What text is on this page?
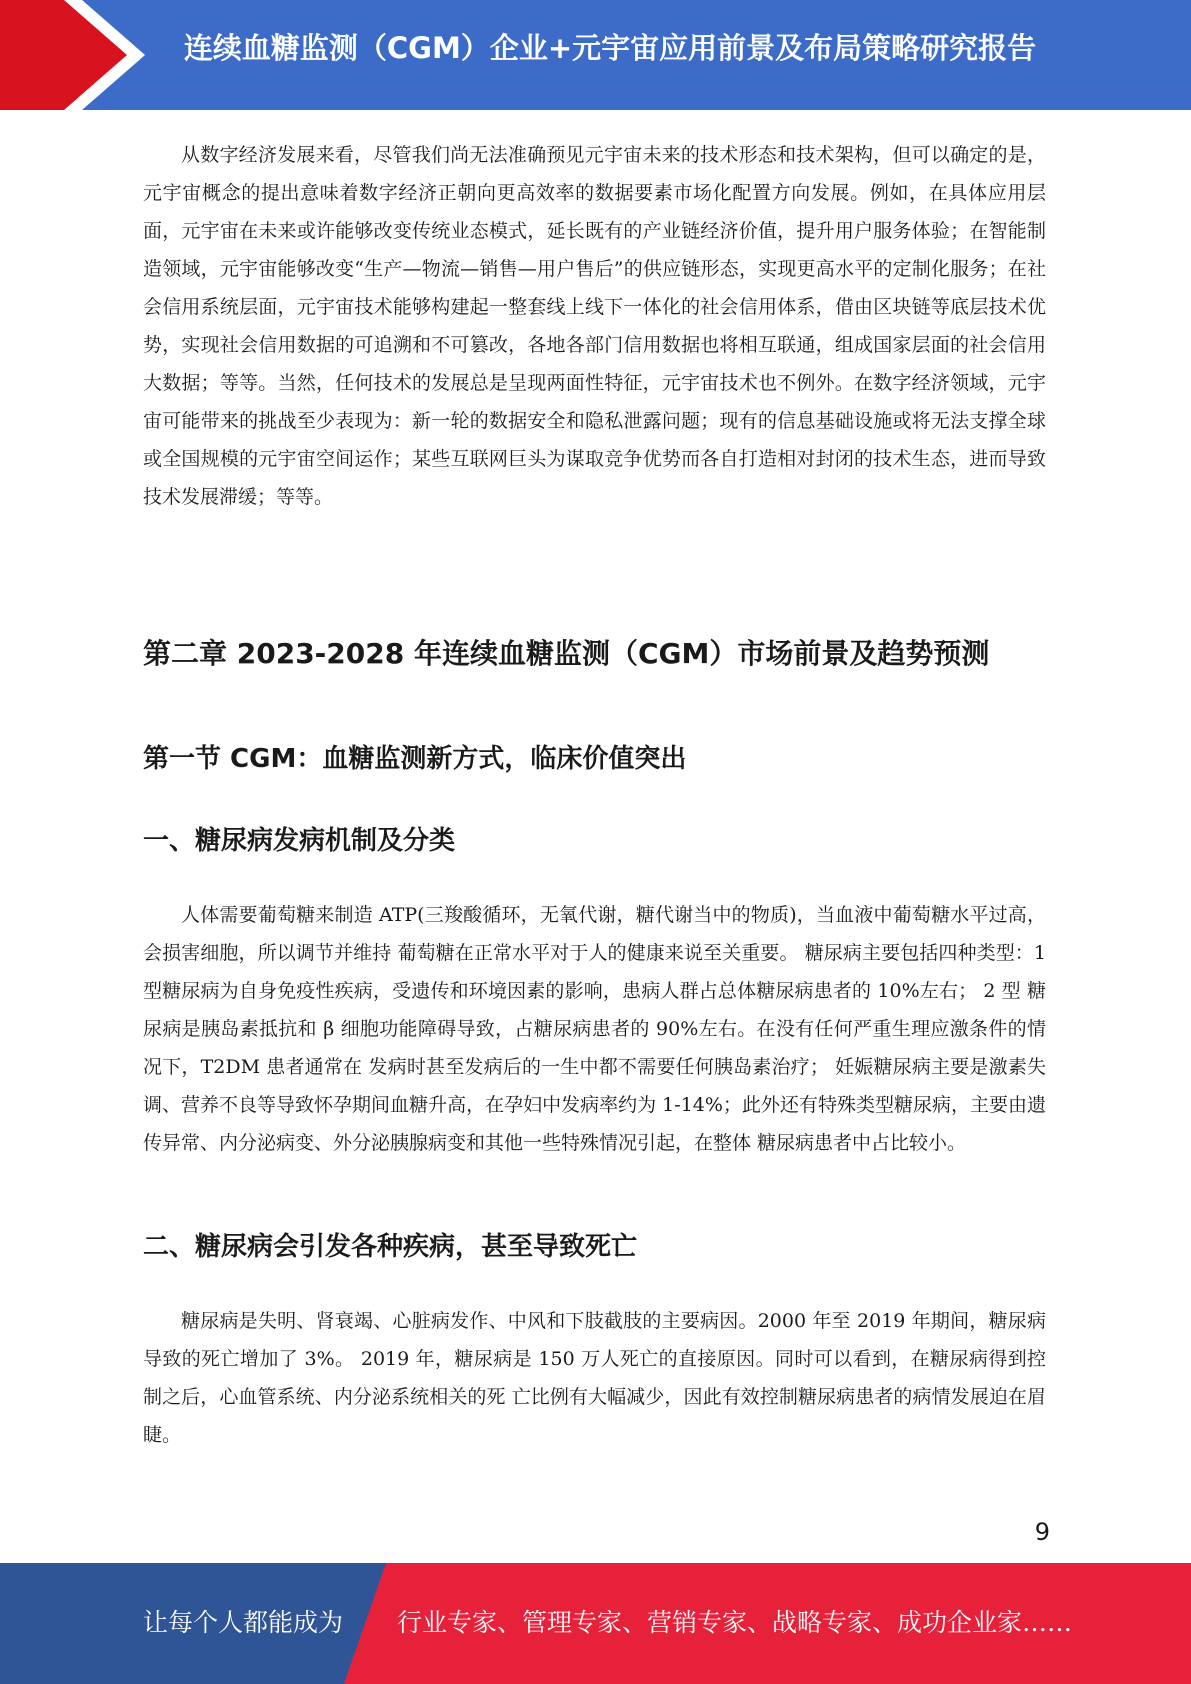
连续血糖监测（CGM）企业+元宇宙应用前景及布局策略研究报告

从数字经济发展来看，尽管我们尚无法准确预见元宇宙未来的技术形态和技术架构，但可以确定的是，元宇宙概念的提出意味着数字经济正朝向更高效率的数据要素市场化配置方向发展。例如，在具体应用层面，元宇宙在未来或许能够改变传统业态模式，延长既有的产业链经济价值，提升用户服务体验；在智能制造领域，元宇宙能够改变“生产—物流—销售—用户售后”的供应链形态，实现更高水平的定制化服务；在社会信用系统层面，元宇宙技术能够构建起一整套线上线下一体化的社会信用体系，借由区块链等底层技术优势，实现社会信用数据的可追溯和不可篡改，各地各部门信用数据也将相互联通，组成国家层面的社会信用大数据；等等。当然，任何技术的发展总是呈现两面性特征，元宇宙技术也不例外。在数字经济领域，元宇宙可能带来的挑战至少表现为：新一轮的数据安全和隐私泄露问题；现有的信息基础设施或将无法支撑全球或全国规模的元宇宙空间运作；某些互联网巨头为谋取竞争优势而各自打造相对封闭的技术生态，进而导致技术发展滞缓；等等。

第二章 2023-2028 年连续血糖监测（CGM）市场前景及趋势预测
第一节 CGM：血糖监测新方式，临床价值突出
一、糖尿病发病机制及分类

人体需要葡萄糖来制造 ATP(三羧酸循环，无氧代谢，糖代谢当中的物质)，当血液中葡萄糖水平过高，会损害细胞，所以调节并维持 葡萄糖在正常水平对于人的健康来说至关重要。 糖尿病主要包括四种类型：1 型糖尿病为自身免疫性疾病，受遗传和环境因素的影响，患病人群占总体糖尿病患者的 10%左右； 2 型 糖尿病是胰岛素抵抗和 β 细胞功能障碍导致，占糖尿病患者的 90%左右。在没有任何严重生理应激条件的情况下，T2DM 患者通常在 发病时甚至发病后的一生中都不需要任何胰岛素治疗； 妊娠糖尿病主要是激素失调、营养不良等导致怀孕期间血糖升高，在孕妇中发病率约为 1-14%；此外还有特殊类型糖尿病，主要由遗传异常、内分泌病变、外分泌胰腺病变和其他一些特殊情况引起，在整体 糖尿病患者中占比较小。

二、糖尿病会引发各种疾病，甚至导致死亡

糖尿病是失明、肾衰竭、心脏病发作、中风和下肢截肢的主要病因。2000 年至 2019 年期间，糖尿病导致的死亡增加了 3%。 2019 年，糖尿病是 150 万人死亡的直接原因。同时可以看到，在糖尿病得到控制之后，心血管系统、内分泌系统相关的死 亡比例有大幅减少，因此有效控制糖尿病患者的病情发展迫在眉睫。

9
让每个人都能成为 行业专家、管理专家、营销专家、战略专家、成功企业家……
